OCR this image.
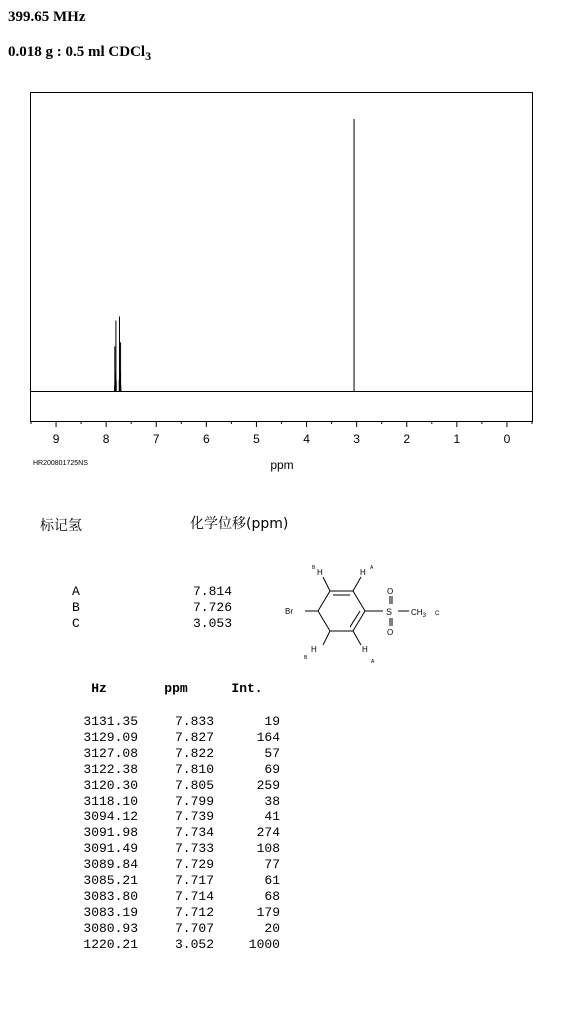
399.65 MHz
0.018 g : 0.5 ml CDCl$_3$
9	8	7	6	5	4	3	2	1	0
ppm
HR200801725NS
标记氢	化学位移(ppm)
A	7.814
B	7.726
C	3.053
Br
H	H
H	H
S
O
O
$CH_3$
B	A
B
A
C
Hz	ppm	Int.
3131.35	7.833	19
3129.09	7.827	164
3127.08	7.822	57
3122.38	7.810	69
3120.30	7.805	259
3118.10	7.799	38
3094.12	7.739	41
3091.98	7.734	274
3091.49	7.733	108
3089.84	7.729	77
3085.21	7.717	61
3083.80	7.714	68
3083.19	7.712	179
3080.93	7.707	20
1220.21	3.052	1000
